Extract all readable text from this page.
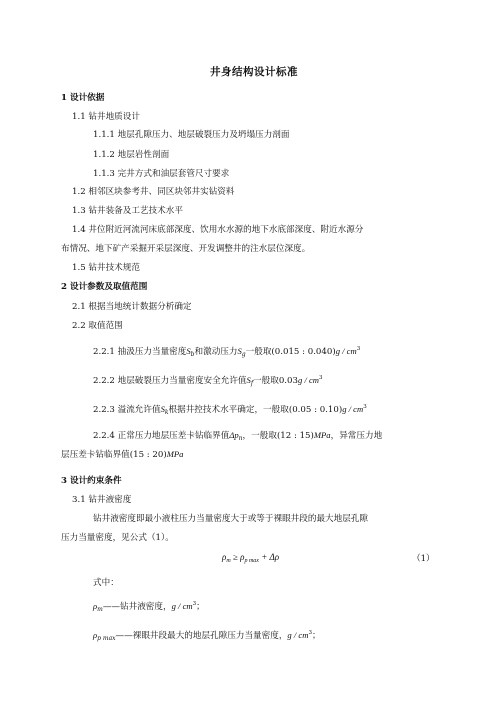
井身结构设计标准
1 设计依据
1.1 钻井地质设计
1.1.1 地层孔隙压力、地层破裂压力及坍塌压力剖面
1.1.2 地层岩性剖面
1.1.3 完井方式和油层套管尺寸要求
1.2 相邻区块参考井、同区块邻井实钻资料
1.3 钻井装备及工艺技术水平
1.4 井位附近河流河床底部深度、饮用水水源的地下水底部深度、附近水源分
布情况、地下矿产采掘开采层深度、开发调整井的注水层位深度。
1.5 钻井技术规范
2 设计参数及取值范围
2.1 根据当地统计数据分析确定
2.2 取值范围
2.2.1 抽汲压力当量密度$S_b$和激动压力$S_g$一般取(0.015 : $0.040)g / cm^3$
2.2.2 地层破裂压力当量密度安全允许值$S_f$一般取$0.03g / cm^3$
2.2.3 溢流允许值$S_k$根据井控技术水平确定，一般取(0.05 : $0.10)g / cm^3$
2.2.4 正常压力地层压差卡钻临界值$\Delta p_n$，一般取(12 : 15)MPa，异常压力地
层压差卡钻临界值(15 : 20)MPa
3 设计约束条件
3.1 钻井液密度
钻井液密度即最小液柱压力当量密度大于或等于裸眼井段的最大地层孔隙
压力当量密度，见公式（1）。
$\rho_m \ge \rho_{p max} + \Delta\rho$	（1）
式中：
$\rho_m——$钻井液密度，g / $cm^3$；
$\rho_{p max}——$裸眼井段最大的地层孔隙压力当量密度，g / $cm^3$；
